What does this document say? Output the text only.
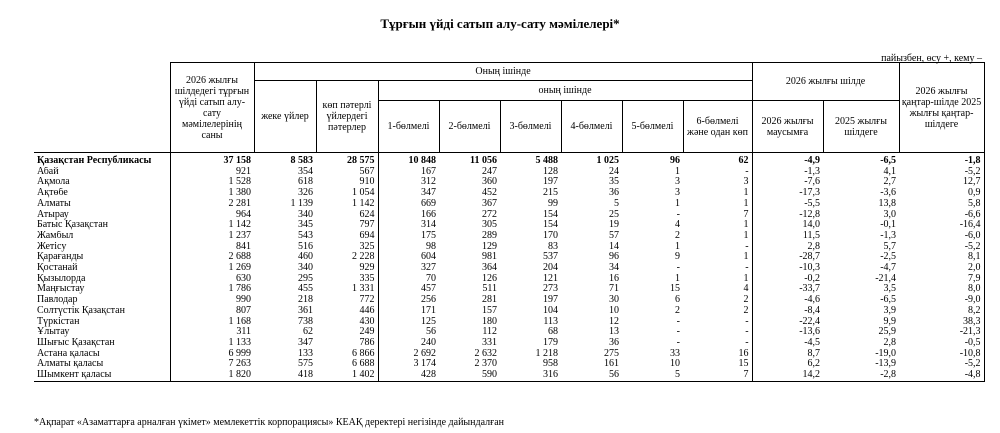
Тұрғын үйді сатып алу-сату мәмілелері*
пайызбен, өсу +, кему –
	2026 жылғы шілдедегі тұрғын үйді сатып алу-сату мәмілелерінің саны	Оның ішінде								2026 жылғы шілде		2026 жылғы қаңтар-шілде 2025 жылғы қаңтар-шілдеге
		жеке үйлер	көп пәтерлі үйлердегі пәтерлер	оның ішінде								
				1-бөлмелі	2-бөлмелі	3-бөлмелі	4-бөлмелі	5-бөлмелі	6-бөлмелі және одан көп	2026 жылғы маусымға	2025 жылғы шілдеге	
Қазақстан Республикасы	37 158	8 583	28 575	10 848	11 056	5 488	1 025	96	62	-4,9	-6,5	-1,8
Абай	921	354	567	167	247	128	24	1	-	-1,3	4,1	-5,2
Ақмола	1 528	618	910	312	360	197	35	3	3	-7,6	2,7	12,7
Ақтөбе	1 380	326	1 054	347	452	215	36	3	1	-17,3	-3,6	0,9
Алматы	2 281	1 139	1 142	669	367	99	5	1	1	-5,5	13,8	5,8
Атырау	964	340	624	166	272	154	25	-	7	-12,8	3,0	-6,6
Батыс Қазақстан	1 142	345	797	314	305	154	19	4	1	14,0	-0,1	-16,4
Жамбыл	1 237	543	694	175	289	170	57	2	1	11,5	-1,3	-6,0
Жетісу	841	516	325	98	129	83	14	1	-	2,8	5,7	-5,2
Қарағанды	2 688	460	2 228	604	981	537	96	9	1	-28,7	-2,5	8,1
Қостанай	1 269	340	929	327	364	204	34	-	-	-10,3	-4,7	2,0
Қызылорда	630	295	335	70	126	121	16	1	1	-0,2	-21,4	7,9
Маңғыстау	1 786	455	1 331	457	511	273	71	15	4	-33,7	3,5	8,0
Павлодар	990	218	772	256	281	197	30	6	2	-4,6	-6,5	-9,0
Солтүстік Қазақстан	807	361	446	171	157	104	10	2	2	-8,4	3,9	8,2
Түркістан	1 168	738	430	125	180	113	12	-	-	-22,4	9,9	38,3
Ұлытау	311	62	249	56	112	68	13	-	-	-13,6	25,9	-21,3
Шығыс Қазақстан	1 133	347	786	240	331	179	36	-	-	-4,5	2,8	-0,5
Астана қаласы	6 999	133	6 866	2 692	2 632	1 218	275	33	16	8,7	-19,0	-10,8
Алматы қаласы	7 263	575	6 688	3 174	2 370	958	161	10	15	6,2	-13,9	-5,2
Шымкент қаласы	1 820	418	1 402	428	590	316	56	5	7	14,2	-2,8	-4,8
*Ақпарат «Азаматтарға арналған үкімет» мемлекеттік корпорациясы» КЕАҚ деректері негізінде дайындалған
